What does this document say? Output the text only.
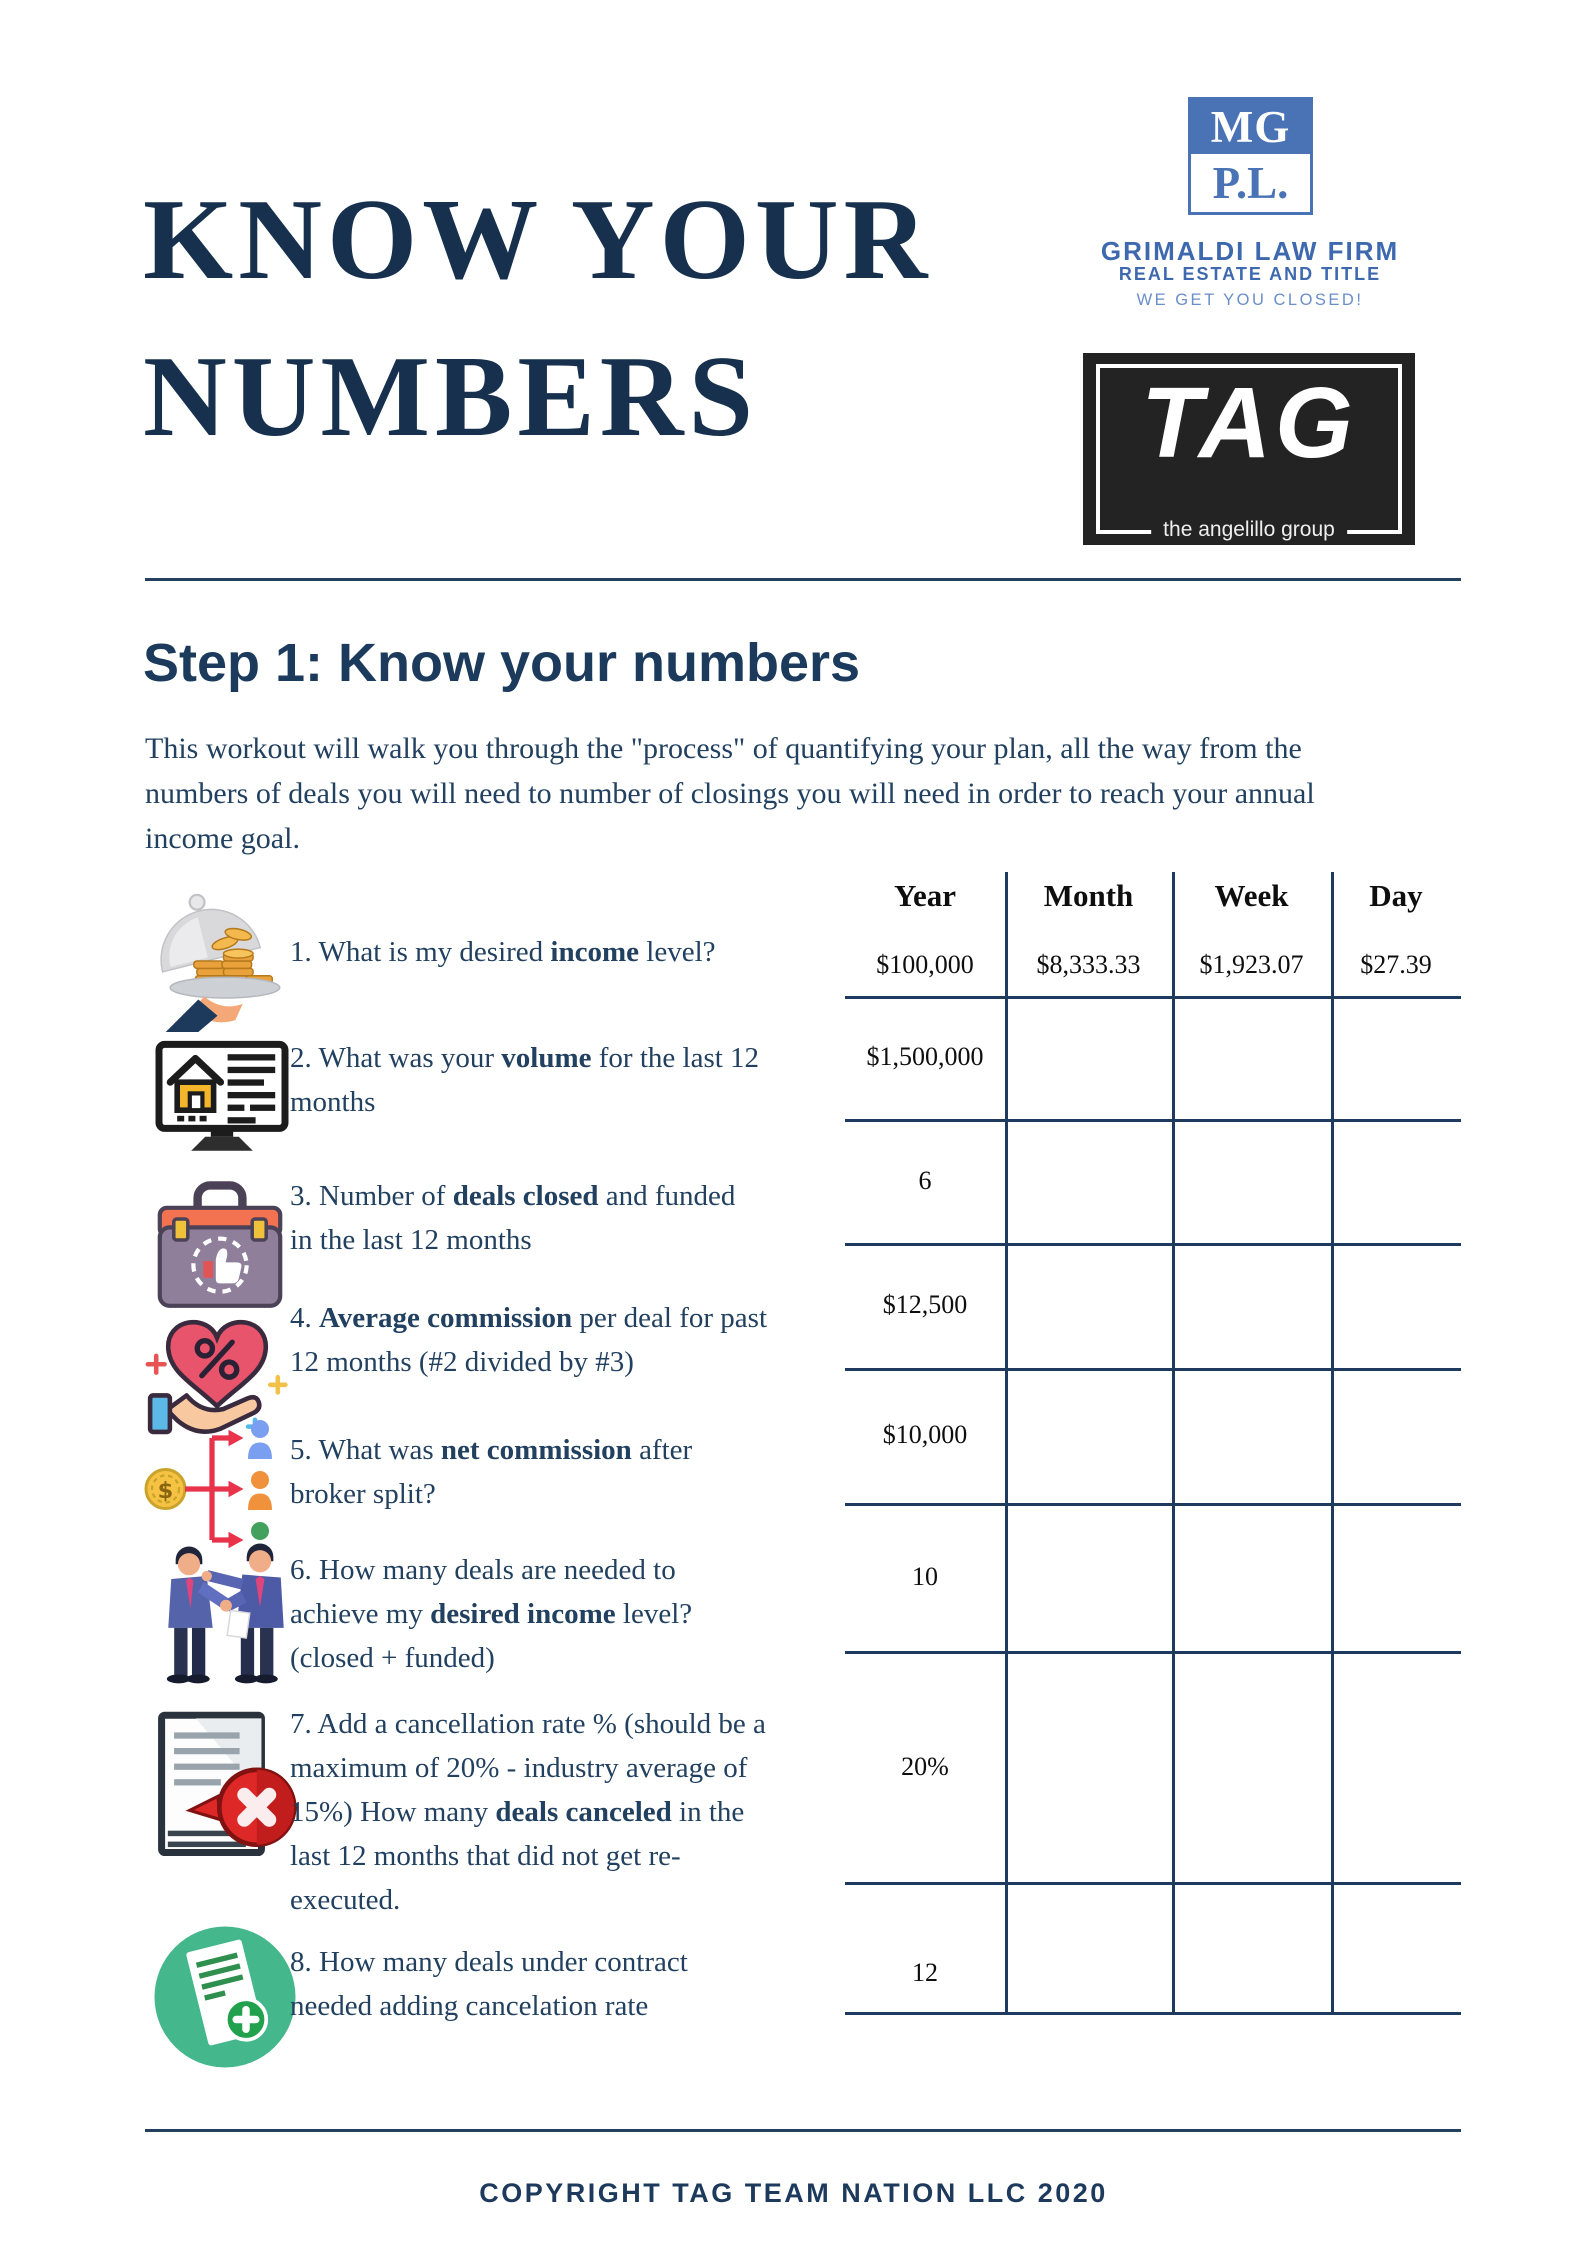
KNOW YOUR
NUMBERS
MG
P.L.
GRIMALDI LAW FIRM
REAL ESTATE AND TITLE
WE GET YOU CLOSED!
TAG
the angelillo group
Step 1: Know your numbers
This workout will walk you through the "process" of quantifying your plan, all the way from the numbers of deals you will need to number of closings you will need in order to reach your annual income goal.
1. What is my desired income level?
2. What was your volume for the last 12 months
3. Number of deals closed and funded in the last 12 months
4. Average commission per deal for past 12 months (#2 divided by #3)
$
5. What was net commission after broker split?
6. How many deals are needed to achieve my desired income level? (closed + funded)
7. Add a cancellation rate % (should be a maximum of 20% - industry average of 15%) How many deals canceled in the last 12 months that did not get re-executed.
8. How many deals under contract needed adding cancelation rate
Year	Month	Week	Day
$100,000	$8,333.33	$1,923.07	$27.39
$1,500,000
6
$12,500
$10,000
10
20%
12
COPYRIGHT TAG TEAM NATION LLC 2020
